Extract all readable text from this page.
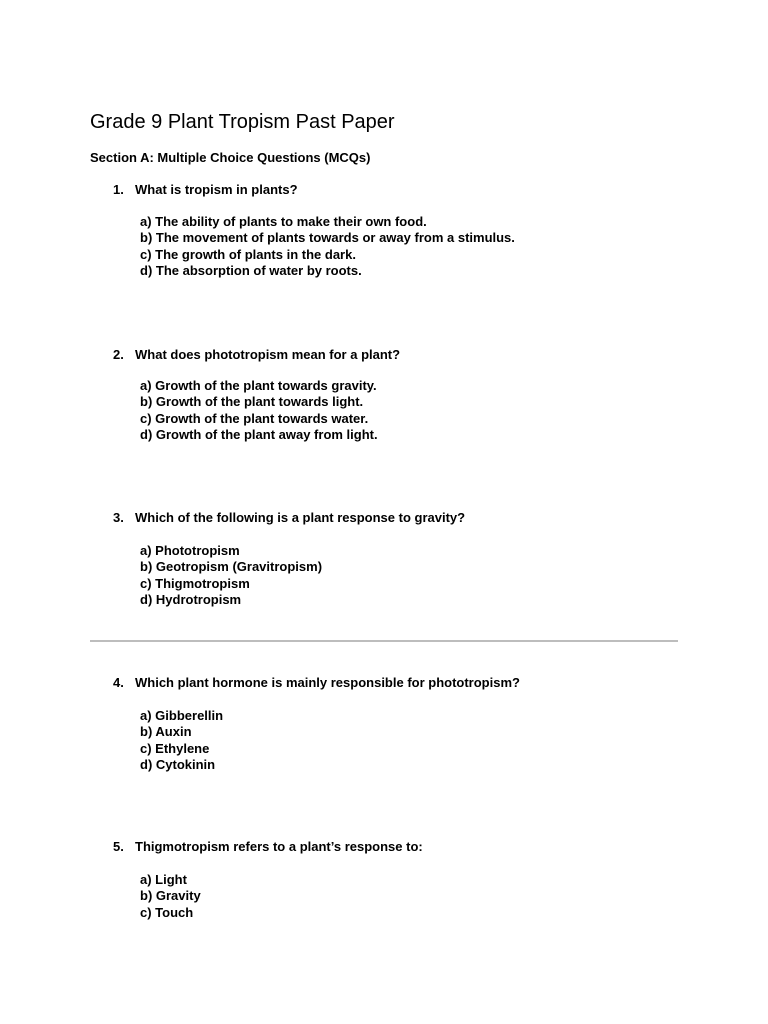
Grade 9 Plant Tropism Past Paper

Section A: Multiple Choice Questions (MCQs)

1. What is tropism in plants?

a) The ability of plants to make their own food.
b) The movement of plants towards or away from a stimulus.
c) The growth of plants in the dark.
d) The absorption of water by roots.

2. What does phototropism mean for a plant?

a) Growth of the plant towards gravity.
b) Growth of the plant towards light.
c) Growth of the plant towards water.
d) Growth of the plant away from light.

3. Which of the following is a plant response to gravity?

a) Phototropism
b) Geotropism (Gravitropism)
c) Thigmotropism
d) Hydrotropism

4. Which plant hormone is mainly responsible for phototropism?

a) Gibberellin
b) Auxin
c) Ethylene
d) Cytokinin

5. Thigmotropism refers to a plant’s response to:

a) Light
b) Gravity
c) Touch
